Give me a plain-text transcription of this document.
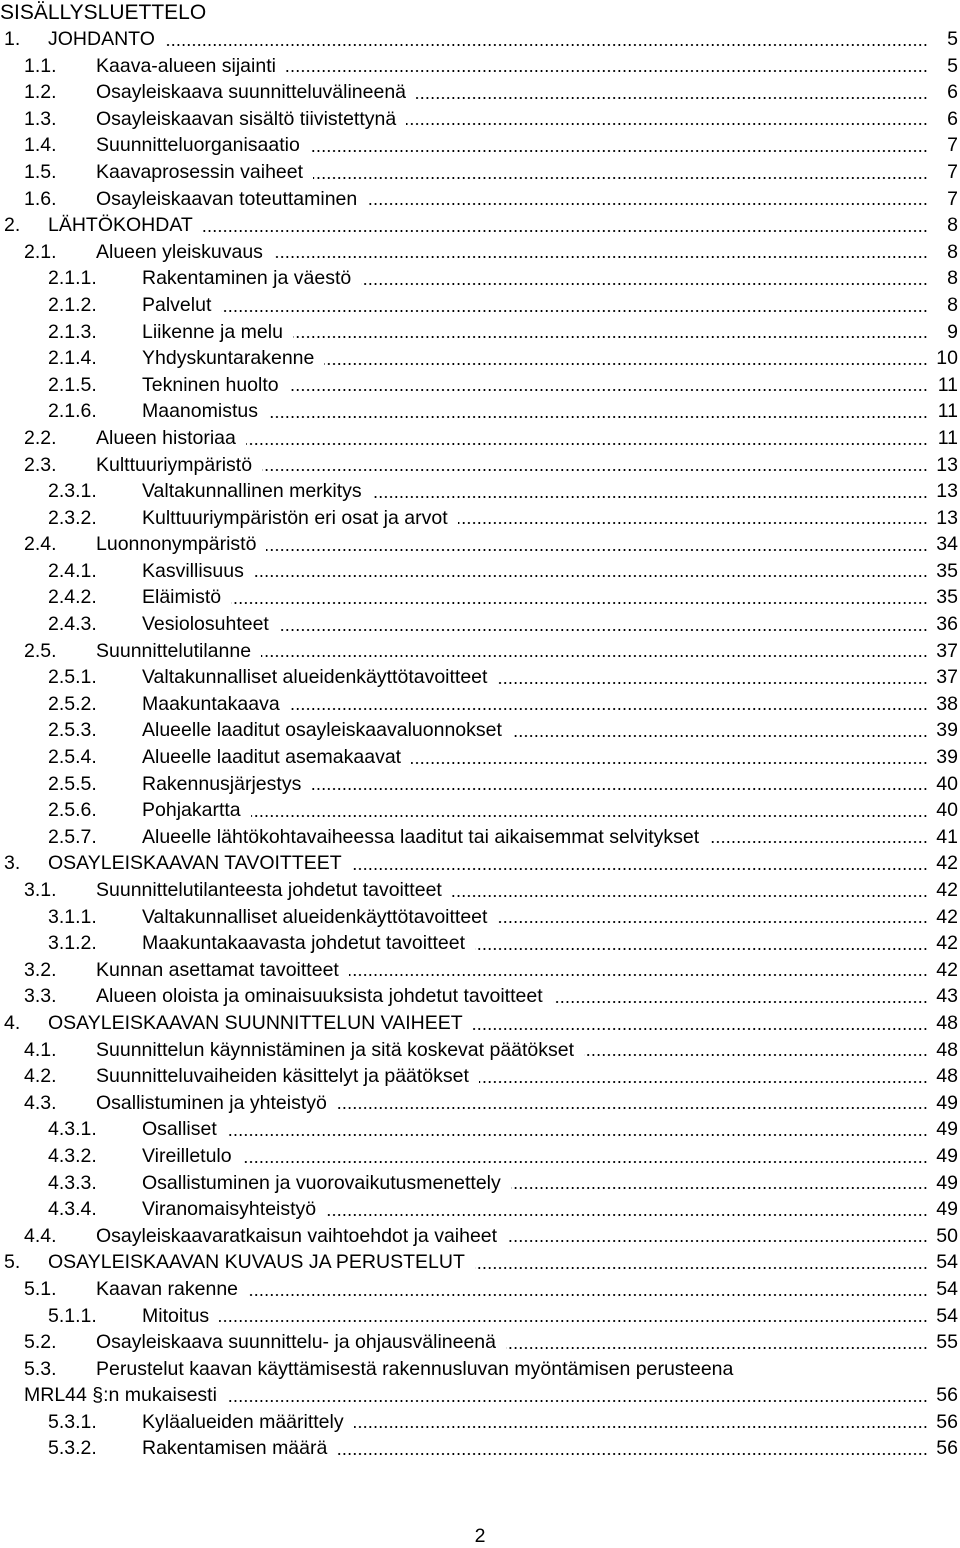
SISÄLLYSLUETTELO
1. JOHDANTO	5
1.1. Kaava-alueen sijainti	5
1.2. Osayleiskaava suunnitteluvälineenä	6
1.3. Osayleiskaavan sisältö tiivistettynä	6
1.4. Suunnitteluorganisaatio	7
1.5. Kaavaprosessin vaiheet	7
1.6. Osayleiskaavan toteuttaminen	7
2. LÄHTÖKOHDAT	8
2.1. Alueen yleiskuvaus	8
2.1.1. Rakentaminen ja väestö	8
2.1.2. Palvelut	8
2.1.3. Liikenne ja melu	9
2.1.4. Yhdyskuntarakenne	10
2.1.5. Tekninen huolto	11
2.1.6. Maanomistus	11
2.2. Alueen historiaa	11
2.3. Kulttuuriympäristö	13
2.3.1. Valtakunnallinen merkitys	13
2.3.2. Kulttuuriympäristön eri osat ja arvot	13
2.4. Luonnonympäristö	34
2.4.1. Kasvillisuus	35
2.4.2. Eläimistö	35
2.4.3. Vesiolosuhteet	36
2.5. Suunnittelutilanne	37
2.5.1. Valtakunnalliset alueidenkäyttötavoitteet	37
2.5.2. Maakuntakaava	38
2.5.3. Alueelle laaditut osayleiskaavaluonnokset	39
2.5.4. Alueelle laaditut asemakaavat	39
2.5.5. Rakennusjärjestys	40
2.5.6. Pohjakartta	40
2.5.7. Alueelle lähtökohtavaiheessa laaditut tai aikaisemmat selvitykset	41
3. OSAYLEISKAAVAN TAVOITTEET	42
3.1. Suunnittelutilanteesta johdetut tavoitteet	42
3.1.1. Valtakunnalliset alueidenkäyttötavoitteet	42
3.1.2. Maakuntakaavasta johdetut tavoitteet	42
3.2. Kunnan asettamat tavoitteet	42
3.3. Alueen oloista ja ominaisuuksista johdetut tavoitteet	43
4. OSAYLEISKAAVAN SUUNNITTELUN VAIHEET	48
4.1. Suunnittelun käynnistäminen ja sitä koskevat päätökset	48
4.2. Suunnitteluvaiheiden käsittelyt ja päätökset	48
4.3. Osallistuminen ja yhteistyö	49
4.3.1. Osalliset	49
4.3.2. Vireilletulo	49
4.3.3. Osallistuminen ja vuorovaikutusmenettely	49
4.3.4. Viranomaisyhteistyö	49
4.4. Osayleiskaavaratkaisun vaihtoehdot ja vaiheet	50
5. OSAYLEISKAAVAN KUVAUS JA PERUSTELUT	54
5.1. Kaavan rakenne	54
5.1.1. Mitoitus	54
5.2. Osayleiskaava suunnittelu- ja ohjausvälineenä	55
5.3. Perustelut kaavan käyttämisestä rakennusluvan myöntämisen perusteena
MRL44 §:n mukaisesti	56
5.3.1. Kyläalueiden määrittely	56
5.3.2. Rakentamisen määrä	56
2
